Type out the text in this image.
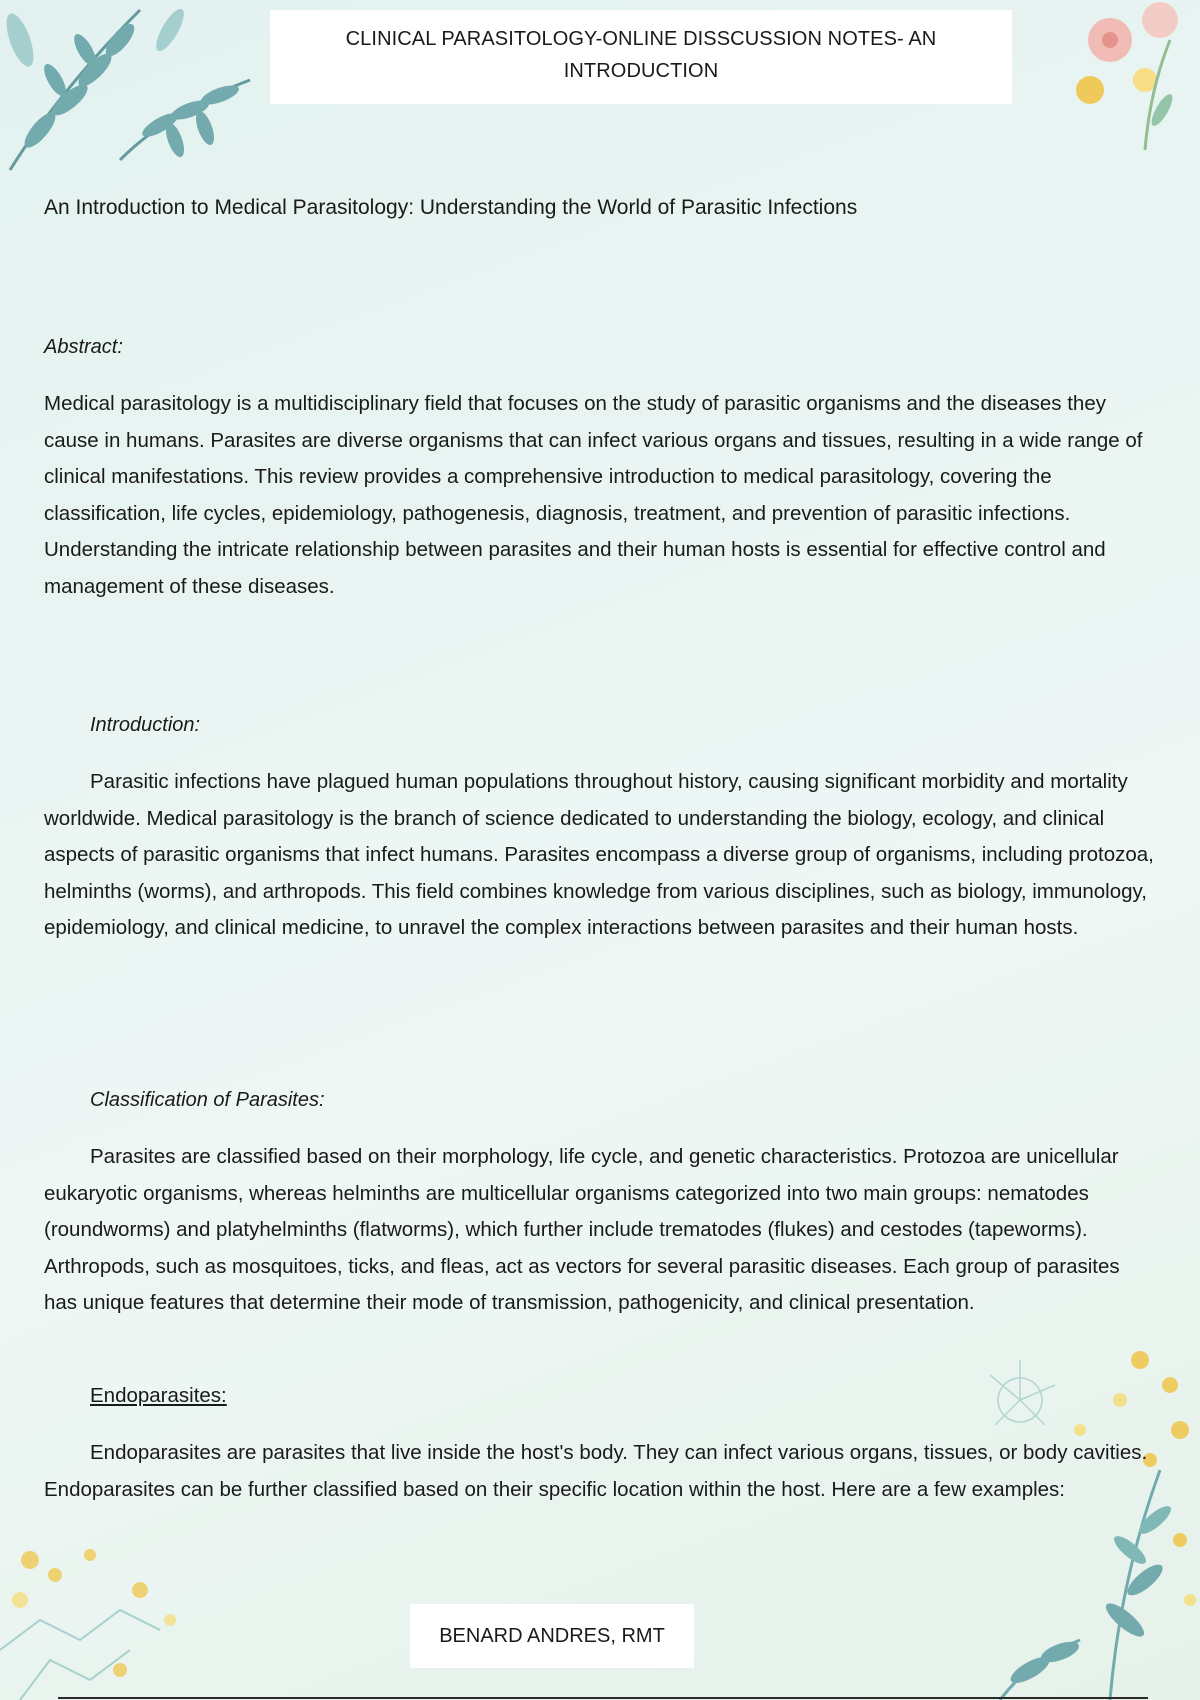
CLINICAL PARASITOLOGY-ONLINE DISSCUSSION NOTES- AN
INTRODUCTION
An Introduction to Medical Parasitology: Understanding the World of Parasitic Infections
Abstract:

Medical parasitology is a multidisciplinary field that focuses on the study of parasitic organisms and the diseases they cause in humans. Parasites are diverse organisms that can infect various organs and tissues, resulting in a wide range of clinical manifestations. This review provides a comprehensive introduction to medical parasitology, covering the classification, life cycles, epidemiology, pathogenesis, diagnosis, treatment, and prevention of parasitic infections. Understanding the intricate relationship between parasites and their human hosts is essential for effective control and management of these diseases.

Introduction:

Parasitic infections have plagued human populations throughout history, causing significant morbidity and mortality worldwide. Medical parasitology is the branch of science dedicated to understanding the biology, ecology, and clinical aspects of parasitic organisms that infect humans. Parasites encompass a diverse group of organisms, including protozoa, helminths (worms), and arthropods. This field combines knowledge from various disciplines, such as biology, immunology, epidemiology, and clinical medicine, to unravel the complex interactions between parasites and their human hosts.

Classification of Parasites:

Parasites are classified based on their morphology, life cycle, and genetic characteristics. Protozoa are unicellular eukaryotic organisms, whereas helminths are multicellular organisms categorized into two main groups: nematodes (roundworms) and platyhelminths (flatworms), which further include trematodes (flukes) and cestodes (tapeworms). Arthropods, such as mosquitoes, ticks, and fleas, act as vectors for several parasitic diseases. Each group of parasites has unique features that determine their mode of transmission, pathogenicity, and clinical presentation.

Endoparasites:

Endoparasites are parasites that live inside the host's body. They can infect various organs, tissues, or body cavities. Endoparasites can be further classified based on their specific location within the host. Here are a few examples:

BENARD ANDRES, RMT
